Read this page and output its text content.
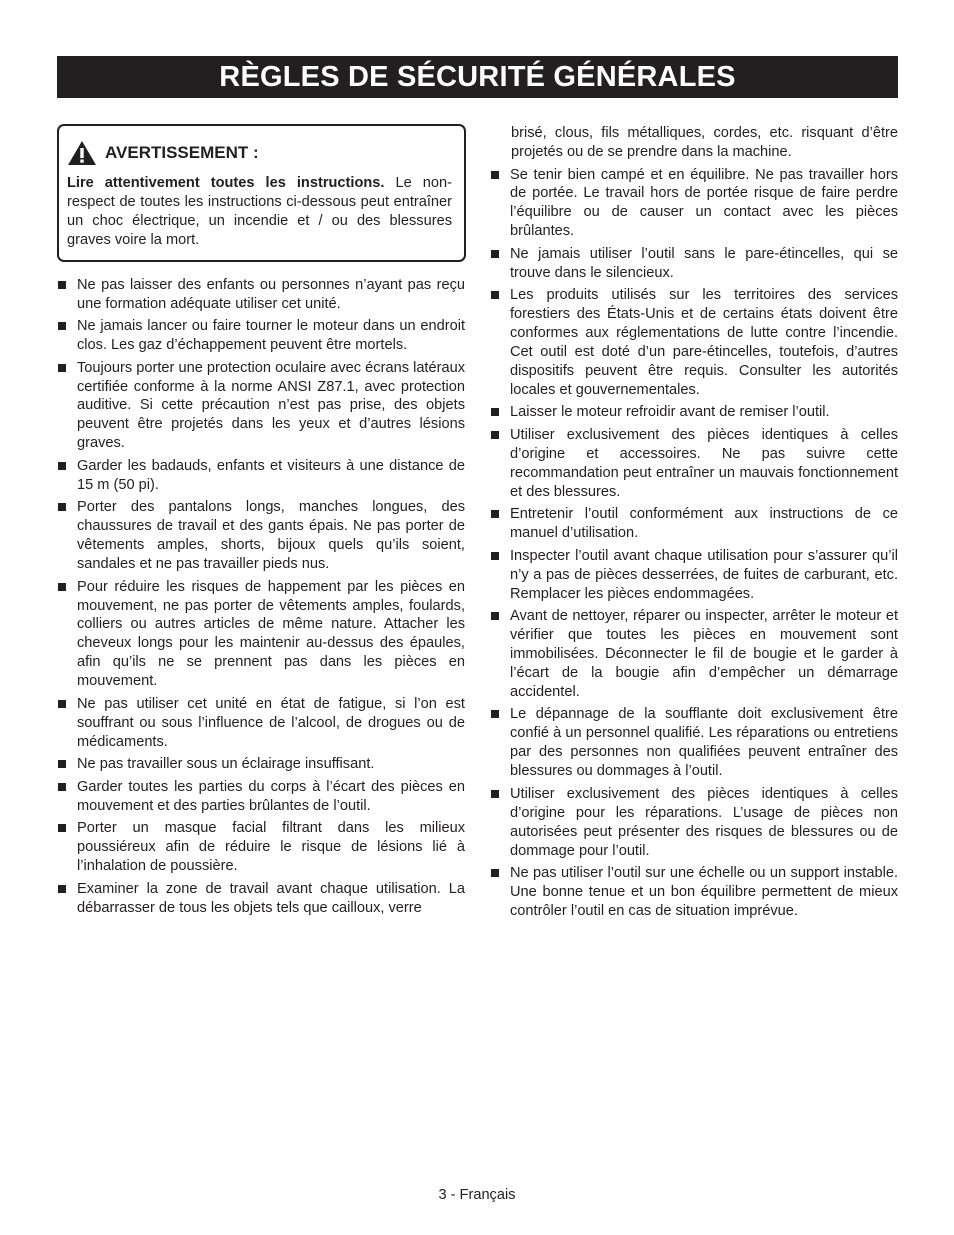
RÈGLES DE SÉCURITÉ GÉNÉRALES
AVERTISSEMENT :

Lire attentivement toutes les instructions. Le non-respect de toutes les instructions ci-dessous peut entraîner un choc électrique, un incendie et / ou des blessures graves voire la mort.

Ne pas laisser des enfants ou personnes n’ayant pas reçu une formation adéquate utiliser cet unité.
Ne jamais lancer ou faire tourner le moteur dans un endroit clos. Les gaz d’échappement peuvent être mortels.
Toujours porter une protection oculaire avec écrans latéraux certifiée conforme à la norme ANSI Z87.1, avec protection auditive. Si cette précaution n’est pas prise, des objets peuvent être projetés dans les yeux et d’autres lésions graves.
Garder les badauds, enfants et visiteurs à une distance de 15 m (50 pi).
Porter des pantalons longs, manches longues, des chaussures de travail et des gants épais. Ne pas porter de vêtements amples, shorts, bijoux quels qu’ils soient, sandales et ne pas travailler pieds nus.
Pour réduire les risques de happement par les pièces en mouvement, ne pas porter de vêtements amples, foulards, colliers ou autres articles de même nature. Attacher les cheveux longs pour les maintenir au-dessus des épaules, afin qu’ils ne se prennent pas dans les pièces en mouvement.
Ne pas utiliser cet unité en état de fatigue, si l’on est souffrant ou sous l’influence de l’alcool, de drogues ou de médicaments.
Ne pas travailler sous un éclairage insuffisant.
Garder toutes les parties du corps à l’écart des pièces en mouvement et des parties brûlantes de l’outil.
Porter un masque facial filtrant dans les milieux poussiéreux afin de réduire le risque de lésions lié à l’inhalation de poussière.
Examiner la zone de travail avant chaque utilisation. La débarrasser de tous les objets tels que cailloux, verre
brisé, clous, fils métalliques, cordes, etc. risquant d’être projetés ou de se prendre dans la machine.
Se tenir bien campé et en équilibre. Ne pas travailler hors de portée. Le travail hors de portée risque de faire perdre l’équilibre ou de causer un contact avec les pièces brûlantes.
Ne jamais utiliser l’outil sans le pare-étincelles, qui se trouve dans le silencieux.
Les produits utilisés sur les territoires des services forestiers des États-Unis et de certains états doivent être conformes aux réglementations de lutte contre l’incendie. Cet outil est doté d’un pare-étincelles, toutefois, d’autres dispositifs peuvent être requis. Consulter les autorités locales et gouvernementales.
Laisser le moteur refroidir avant de remiser l’outil.
Utiliser exclusivement des pièces identiques à celles d’origine et accessoires. Ne pas suivre cette recommandation peut entraîner un mauvais fonctionnement et des blessures.
Entretenir l’outil conformément aux instructions de ce manuel d’utilisation.
Inspecter l’outil avant chaque utilisation pour s’assurer qu’il n’y a pas de pièces desserrées, de fuites de carburant, etc. Remplacer les pièces endommagées.
Avant de nettoyer, réparer ou inspecter, arrêter le moteur et vérifier que toutes les pièces en mouvement sont immobilisées. Déconnecter le fil de bougie et le garder à l’écart de la bougie afin d’empêcher un démarrage accidentel.
Le dépannage de la soufflante doit exclusivement être confié à un personnel qualifié. Les réparations ou entretiens par des personnes non qualifiées peuvent entraîner des blessures ou dommages à l’outil.
Utiliser exclusivement des pièces identiques à celles d’origine pour les réparations. L’usage de pièces non autorisées peut présenter des risques de blessures ou de dommage pour l’outil.
Ne pas utiliser l’outil sur une échelle ou un support instable. Une bonne tenue et un bon équilibre permettent de mieux contrôler l’outil en cas de situation imprévue.
3 - Français
